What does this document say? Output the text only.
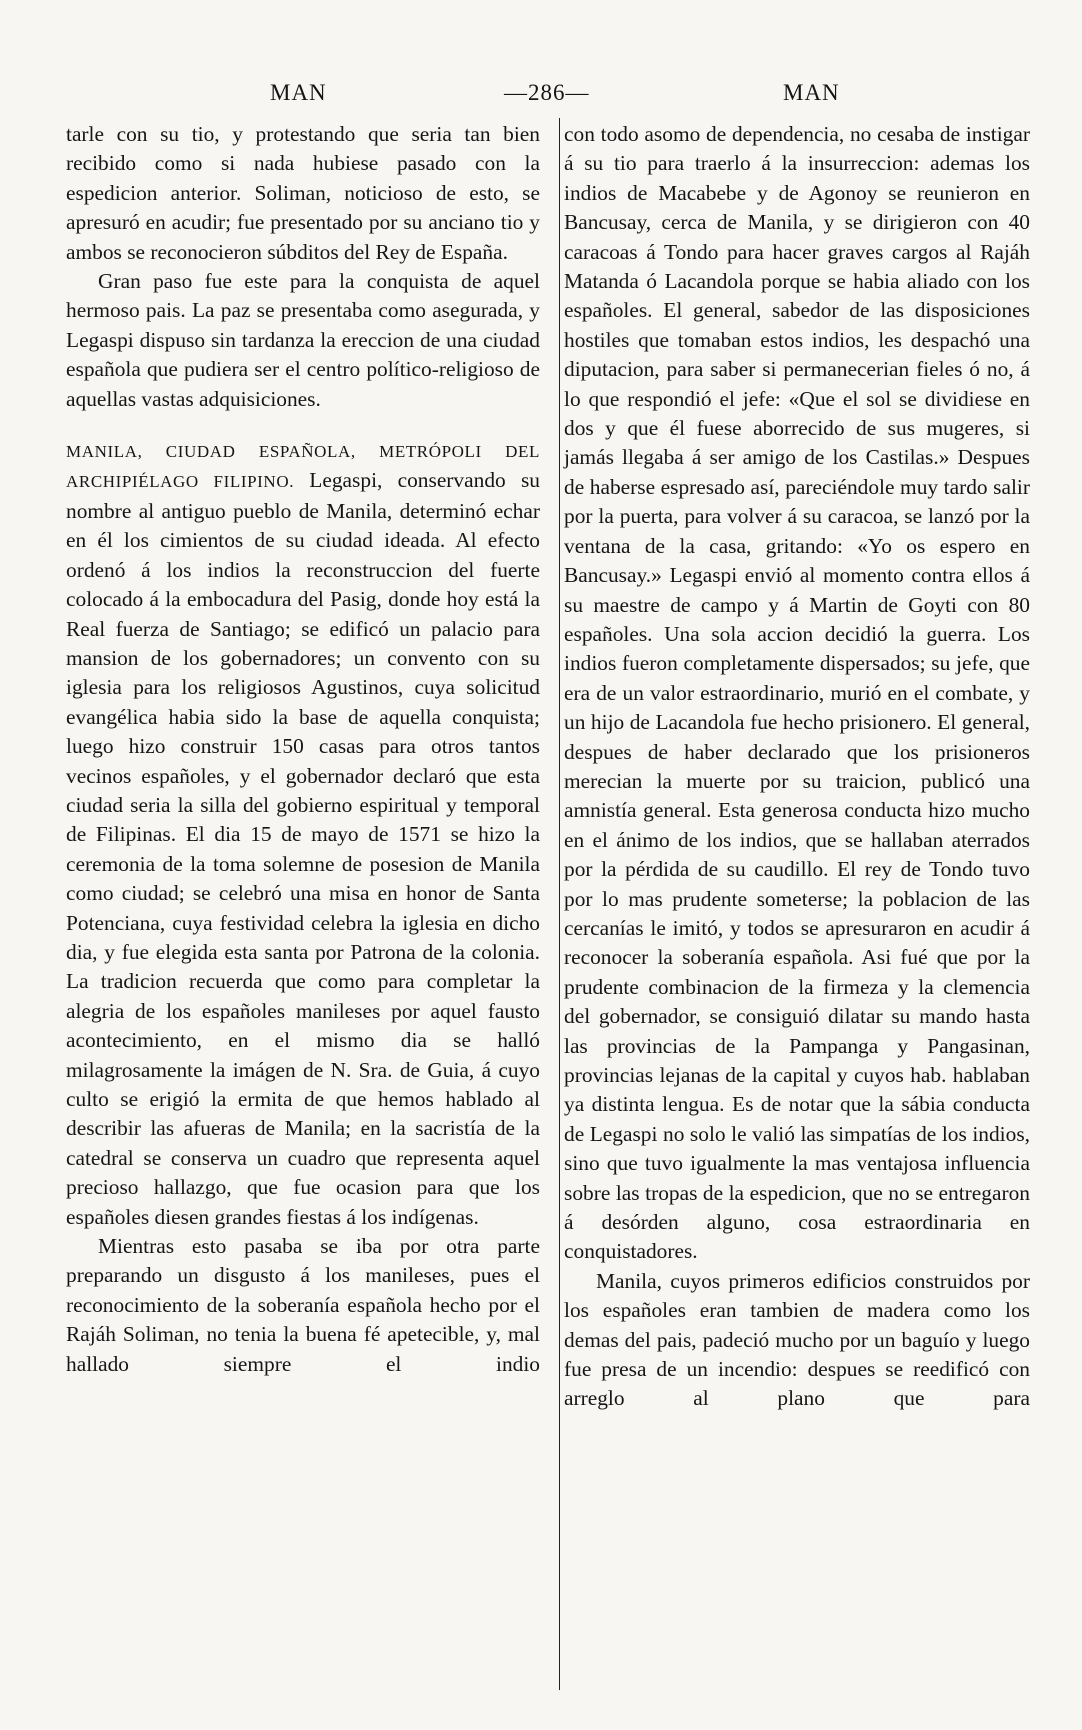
MAN	—286—	MAN

tarle con su tio, y protestando que seria tan bien recibido como si nada hubiese pasado con la espedicion anterior. Soliman, noticioso de esto, se apresuró en acudir; fue presentado por su anciano tio y ambos se reconocieron súbditos del Rey de España.

Gran paso fue este para la conquista de aquel hermoso pais. La paz se presentaba como asegurada, y Legaspi dispuso sin tardanza la ereccion de una ciudad española que pudiera ser el centro político-religioso de aquellas vastas adquisiciones.

MANILA, CIUDAD ESPAÑOLA, METRÓPOLI DEL ARCHIPIÉLAGO FILIPINO. Legaspi, conservando su nombre al antiguo pueblo de Manila, determinó echar en él los cimientos de su ciudad ideada. Al efecto ordenó á los indios la reconstruccion del fuerte colocado á la embocadura del Pasig, donde hoy está la Real fuerza de Santiago; se edificó un palacio para mansion de los gobernadores; un convento con su iglesia para los religiosos Agustinos, cuya solicitud evangélica habia sido la base de aquella conquista; luego hizo construir 150 casas para otros tantos vecinos españoles, y el gobernador declaró que esta ciudad seria la silla del gobierno espiritual y temporal de Filipinas. El dia 15 de mayo de 1571 se hizo la ceremonia de la toma solemne de posesion de Manila como ciudad; se celebró una misa en honor de Santa Potenciana, cuya festividad celebra la iglesia en dicho dia, y fue elegida esta santa por Patrona de la colonia. La tradicion recuerda que como para completar la alegria de los españoles manileses por aquel fausto acontecimiento, en el mismo dia se halló milagrosamente la imágen de N. Sra. de Guia, á cuyo culto se erigió la ermita de que hemos hablado al describir las afueras de Manila; en la sacristía de la catedral se conserva un cuadro que representa aquel precioso hallazgo, que fue ocasion para que los españoles diesen grandes fiestas á los indígenas.

Mientras esto pasaba se iba por otra parte preparando un disgusto á los manileses, pues el reconocimiento de la soberanía española hecho por el Rajáh Soliman, no tenia la buena fé apetecible, y, mal hallado siempre el indio

con todo asomo de dependencia, no cesaba de instigar á su tio para traerlo á la insurreccion: ademas los indios de Macabebe y de Agonoy se reunieron en Bancusay, cerca de Manila, y se dirigieron con 40 caracoas á Tondo para hacer graves cargos al Rajáh Matanda ó Lacandola porque se habia aliado con los españoles. El general, sabedor de las disposiciones hostiles que tomaban estos indios, les despachó una diputacion, para saber si permanecerian fieles ó no, á lo que respondió el jefe: «Que el sol se dividiese en dos y que él fuese aborrecido de sus mugeres, si jamás llegaba á ser amigo de los Castilas.» Despues de haberse espresado así, pareciéndole muy tardo salir por la puerta, para volver á su caracoa, se lanzó por la ventana de la casa, gritando: «Yo os espero en Bancusay.» Legaspi envió al momento contra ellos á su maestre de campo y á Martin de Goyti con 80 españoles. Una sola accion decidió la guerra. Los indios fueron completamente dispersados; su jefe, que era de un valor estraordinario, murió en el combate, y un hijo de Lacandola fue hecho prisionero. El general, despues de haber declarado que los prisioneros merecian la muerte por su traicion, publicó una amnistía general. Esta generosa conducta hizo mucho en el ánimo de los indios, que se hallaban aterrados por la pérdida de su caudillo. El rey de Tondo tuvo por lo mas prudente someterse; la poblacion de las cercanías le imitó, y todos se apresuraron en acudir á reconocer la soberanía española. Asi fué que por la prudente combinacion de la firmeza y la clemencia del gobernador, se consiguió dilatar su mando hasta las provincias de la Pampanga y Pangasinan, provincias lejanas de la capital y cuyos hab. hablaban ya distinta lengua. Es de notar que la sábia conducta de Legaspi no solo le valió las simpatías de los indios, sino que tuvo igualmente la mas ventajosa influencia sobre las tropas de la espedicion, que no se entregaron á desórden alguno, cosa estraordinaria en conquistadores.

Manila, cuyos primeros edificios construidos por los españoles eran tambien de madera como los demas del pais, padeció mucho por un baguío y luego fue presa de un incendio: despues se reedificó con arreglo al plano que para
